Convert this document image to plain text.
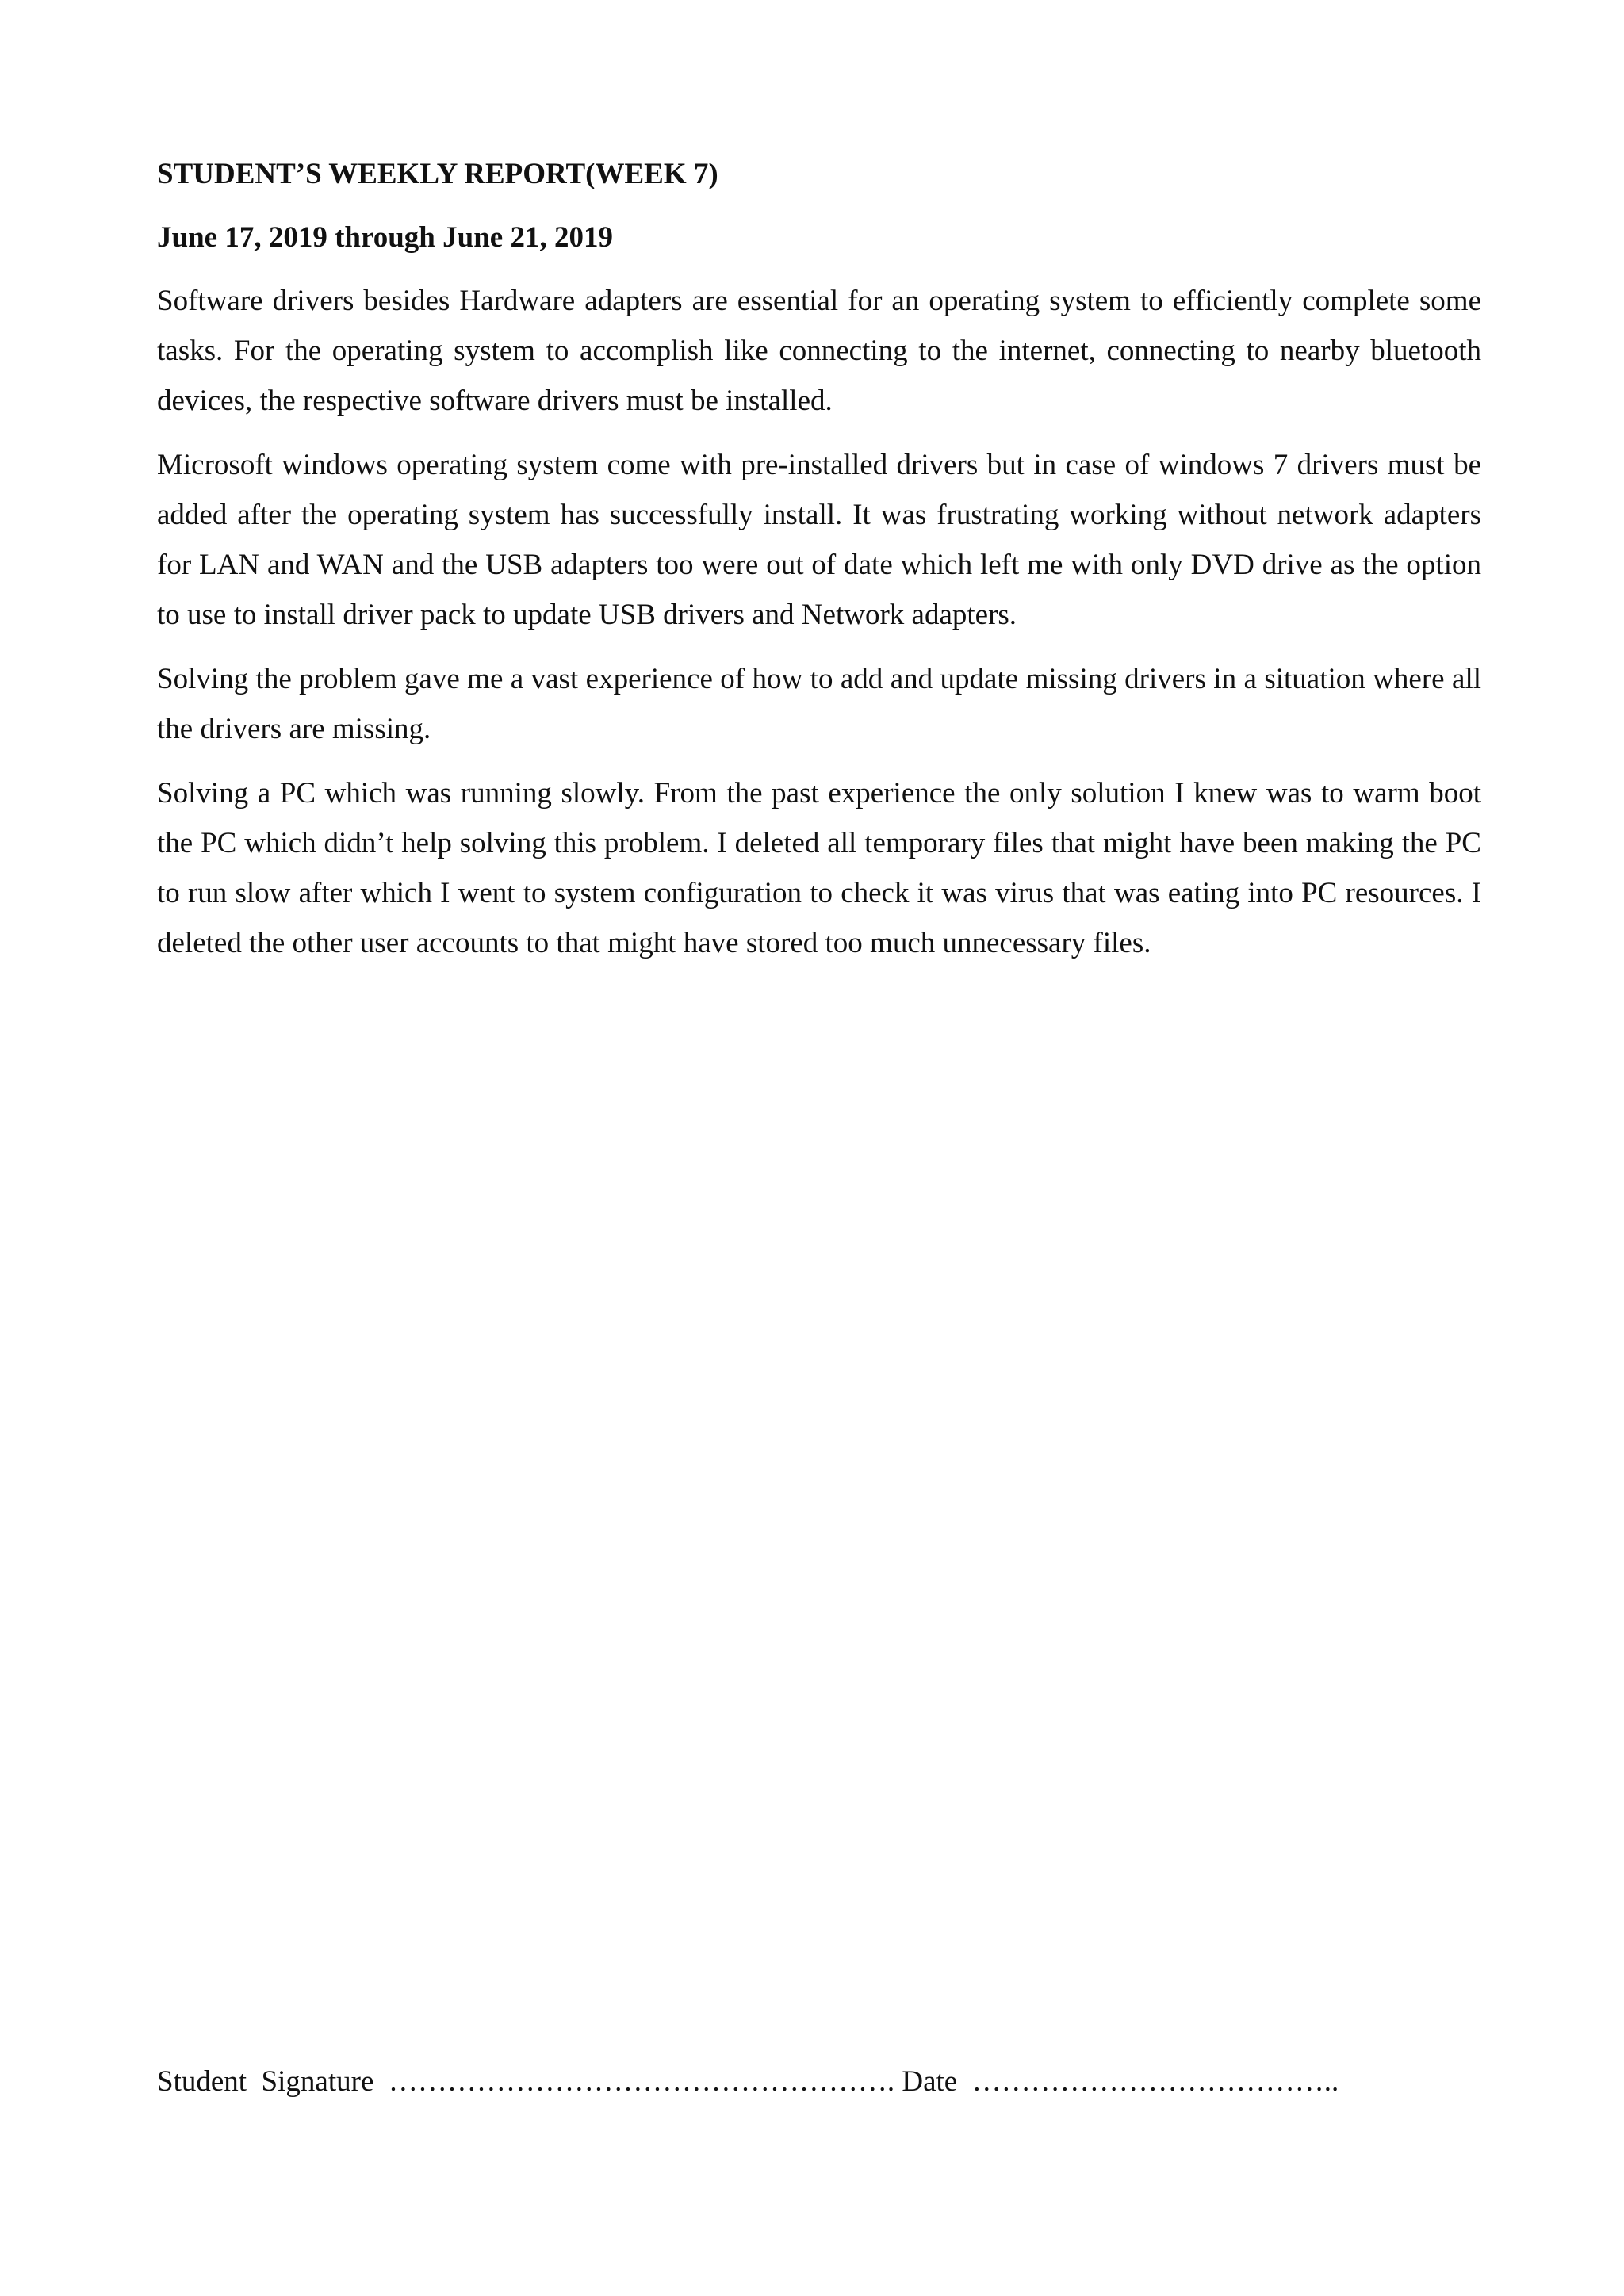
STUDENT’S WEEKLY REPORT(WEEK 7)
June 17, 2019 through June 21, 2019

Software drivers besides Hardware adapters are essential for an operating system to efficiently complete some tasks. For the operating system to accomplish like connecting to the internet, connecting to nearby bluetooth devices, the respective software drivers must be installed.

Microsoft windows operating system come with pre-installed drivers but in case of windows 7 drivers must be added after the operating system has successfully install. It was frustrating working without network adapters for LAN and WAN and the USB adapters too were out of date which left me with only DVD drive as the option to use to install driver pack to update USB drivers and Network adapters.

Solving the problem gave me a vast experience of how to add and update missing drivers in a situation where all the drivers are missing.

Solving a PC which was running slowly. From the past experience the only solution I knew was to warm boot the PC which didn’t help solving this problem. I deleted all temporary files that might have been making the PC to run slow after which I went to system configuration to check it was virus that was eating into PC resources. I deleted the other user accounts to that might have stored too much unnecessary files.

Student  Signature ……………………………………………. Date ………………………………..
